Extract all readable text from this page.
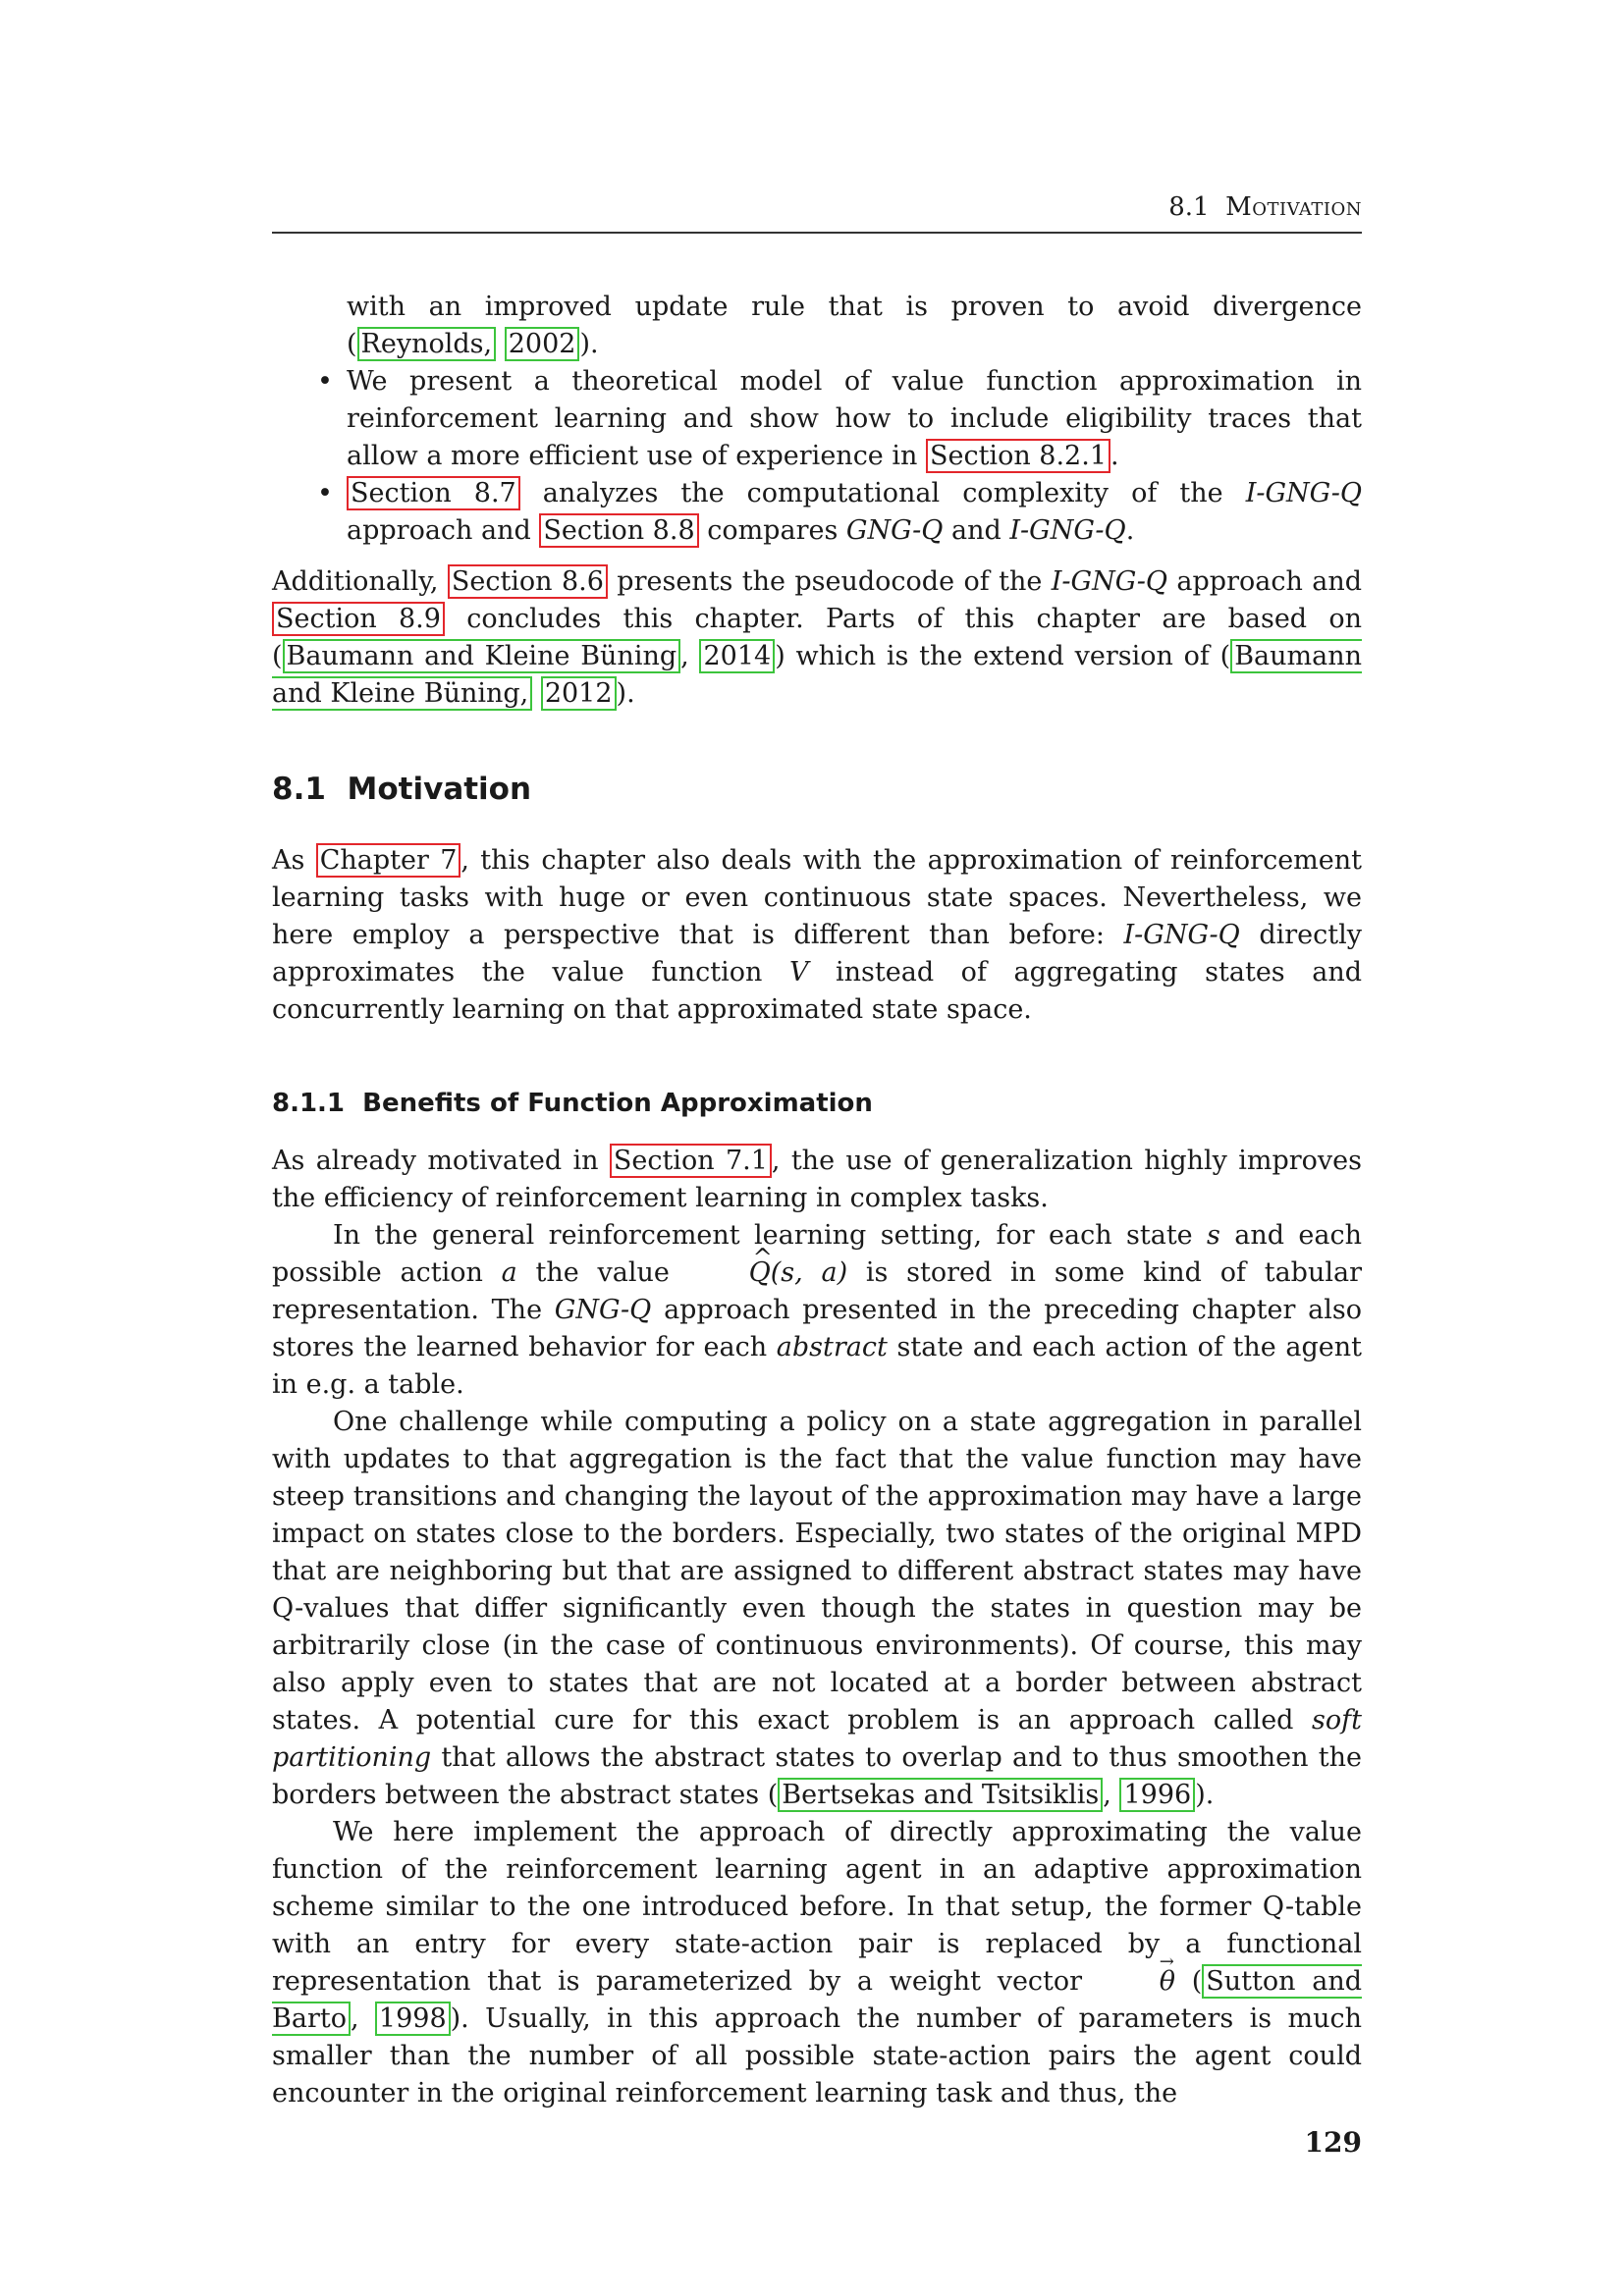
8.1 Motivation

with an improved update rule that is proven to avoid divergence ( Reynolds, 2002 ).

• We present a theoretical model of value function approximation in reinforcement learning and show how to include eligibility traces that allow a more efficient use of experience in Section 8.2.1 .
• Section 8.7 analyzes the computational complexity of the I-GNG-Q approach and Section 8.8 compares GNG-Q and I-GNG-Q.

Additionally, Section 8.6 presents the pseudocode of the I-GNG-Q approach and Section 8.9 concludes this chapter. Parts of this chapter are based on ( Baumann and Kleine Büning , 2014 ) which is the extend version of ( Baumann and Kleine Büning, 2012 ).

8.1 Motivation

As Chapter 7 , this chapter also deals with the approximation of reinforcement learning tasks with huge or even continuous state spaces. Nevertheless, we here employ a perspective that is different than before: I-GNG-Q directly approximates the value function V instead of aggregating states and concurrently learning on that approximated state space.

8.1.1 Benefits of Function Approximation

As already motivated in Section 7.1 , the use of generalization highly improves the efficiency of reinforcement learning in complex tasks.

In the general reinforcement learning setting, for each state s and each possible action a the value ^ Q(s, a) is stored in some kind of tabular representation. The GNG-Q approach presented in the preceding chapter also stores the learned behavior for each abstract state and each action of the agent in e.g. a table.

One challenge while computing a policy on a state aggregation in parallel with updates to that aggregation is the fact that the value function may have steep transitions and changing the layout of the approximation may have a large impact on states close to the borders. Especially, two states of the original MPD that are neighboring but that are assigned to different abstract states may have Q-values that differ significantly even though the states in question may be arbitrarily close (in the case of continuous environments). Of course, this may also apply even to states that are not located at a border between abstract states. A potential cure for this exact problem is an approach called soft partitioning that allows the abstract states to overlap and to thus smoothen the borders between the abstract states ( Bertsekas and Tsitsiklis , 1996 ).

We here implement the approach of directly approximating the value function of the reinforcement learning agent in an adaptive approximation scheme similar to the one introduced before. In that setup, the former Q-table with an entry for every state-action pair is replaced by a functional representation that is parameterized by a weight vector → θ ( Sutton and Barto , 1998 ). Usually, in this approach the number of parameters is much smaller than the number of all possible state-action pairs the agent could encounter in the original reinforcement learning task and thus, the

129
